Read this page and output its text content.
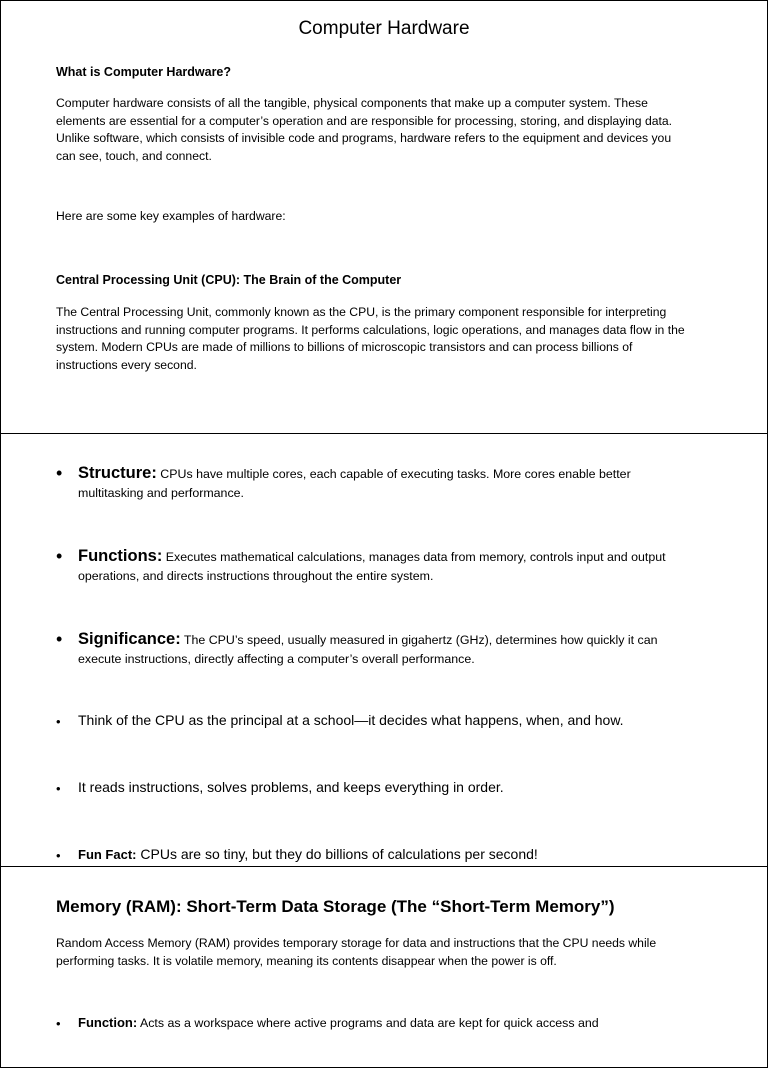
Computer Hardware
What is Computer Hardware?
Computer hardware consists of all the tangible, physical components that make up a computer system. These elements are essential for a computer’s operation and are responsible for processing, storing, and displaying data. Unlike software, which consists of invisible code and programs, hardware refers to the equipment and devices you can see, touch, and connect.
Here are some key examples of hardware:
Central Processing Unit (CPU): The Brain of the Computer
The Central Processing Unit, commonly known as the CPU, is the primary component responsible for interpreting instructions and running computer programs. It performs calculations, logic operations, and manages data flow in the system. Modern CPUs are made of millions to billions of microscopic transistors and can process billions of instructions every second.
• Structure: CPUs have multiple cores, each capable of executing tasks. More cores enable better multitasking and performance.
• Functions: Executes mathematical calculations, manages data from memory, controls input and output operations, and directs instructions throughout the entire system.
• Significance: The CPU’s speed, usually measured in gigahertz (GHz), determines how quickly it can execute instructions, directly affecting a computer’s overall performance.
• Think of the CPU as the principal at a school—it decides what happens, when, and how.
• It reads instructions, solves problems, and keeps everything in order.
• Fun Fact: CPUs are so tiny, but they do billions of calculations per second!
Memory (RAM): Short-Term Data Storage (The “Short-Term Memory”)
Random Access Memory (RAM) provides temporary storage for data and instructions that the CPU needs while performing tasks. It is volatile memory, meaning its contents disappear when the power is off.
• Function: Acts as a workspace where active programs and data are kept for quick access and
